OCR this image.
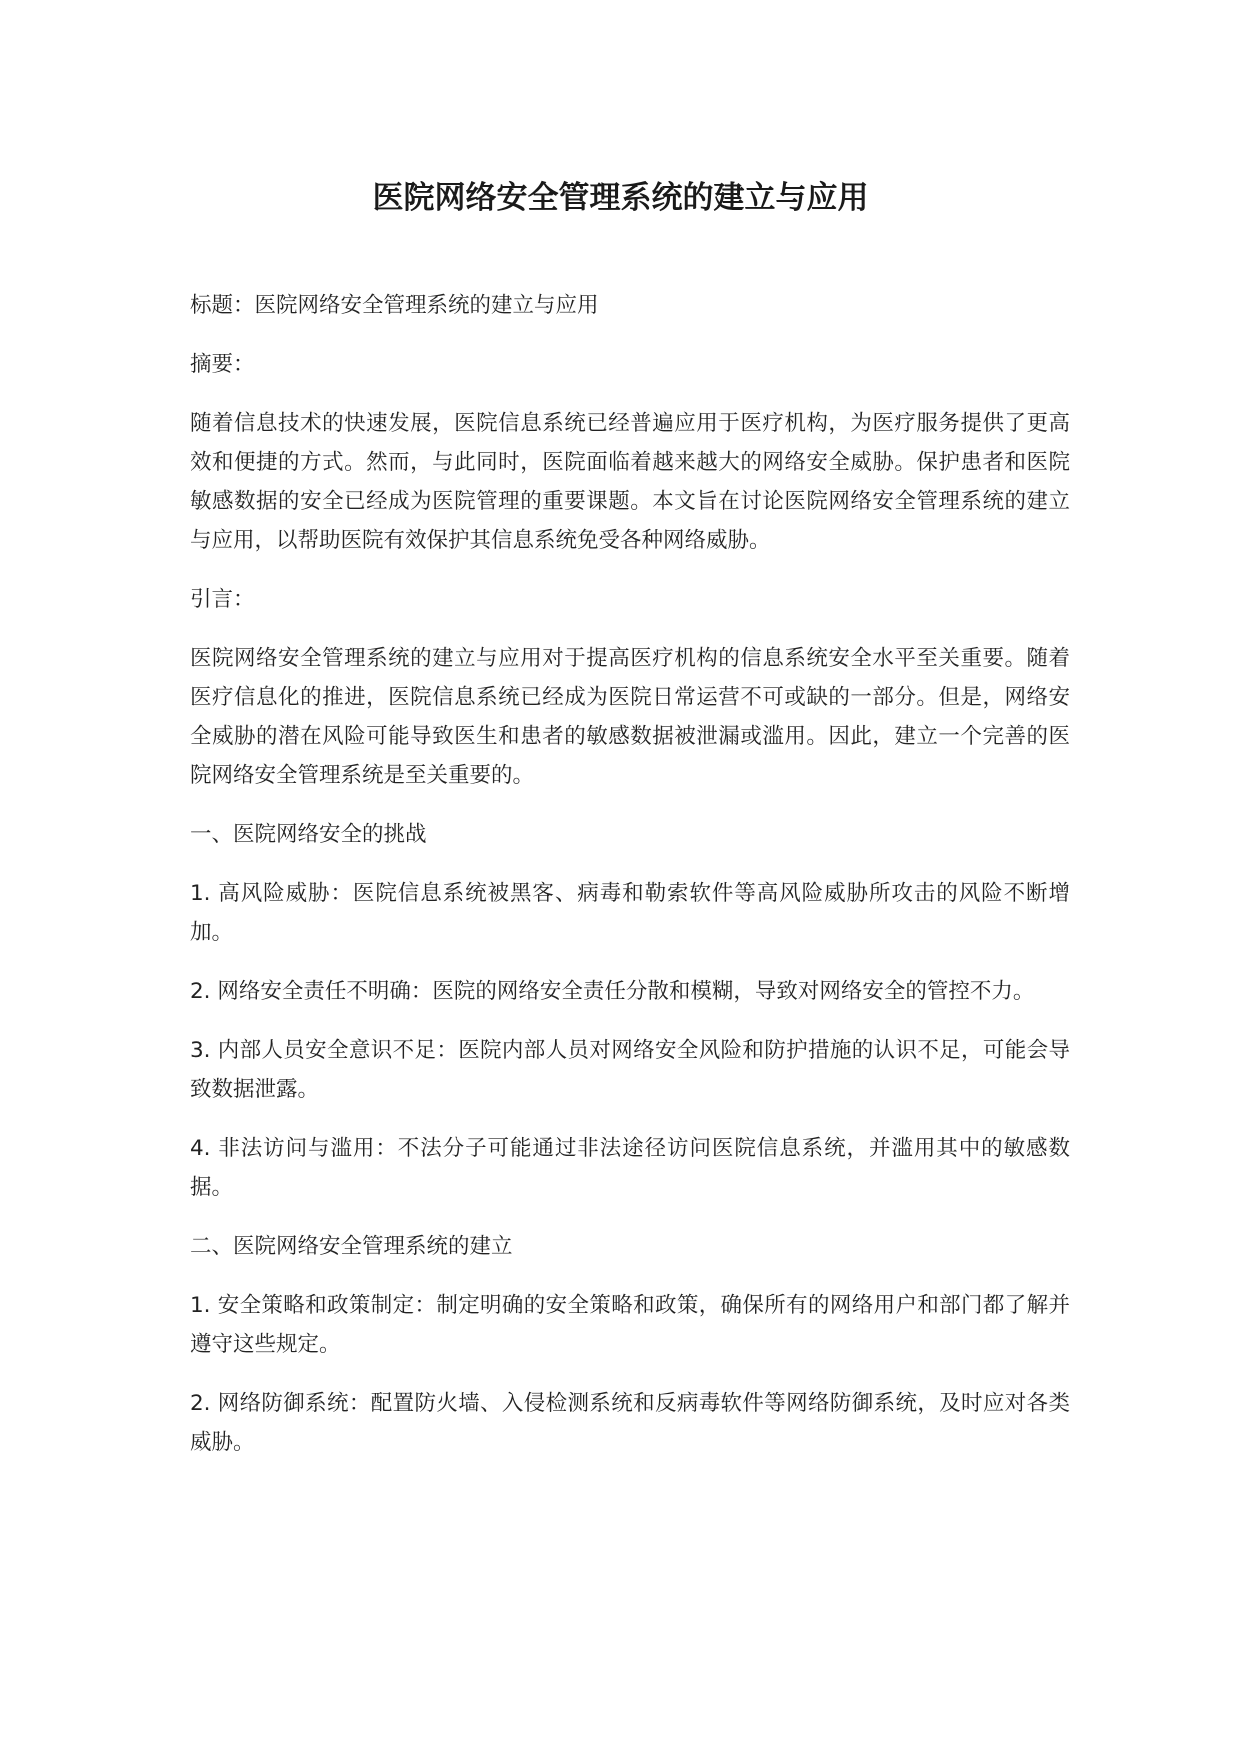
医院网络安全管理系统的建立与应用

标题：医院网络安全管理系统的建立与应用

摘要：

随着信息技术的快速发展，医院信息系统已经普遍应用于医疗机构，为医疗服务提供了更高效和便捷的方式。然而，与此同时，医院面临着越来越大的网络安全威胁。保护患者和医院敏感数据的安全已经成为医院管理的重要课题。本文旨在讨论医院网络安全管理系统的建立与应用，以帮助医院有效保护其信息系统免受各种网络威胁。

引言：

医院网络安全管理系统的建立与应用对于提高医疗机构的信息系统安全水平至关重要。随着医疗信息化的推进，医院信息系统已经成为医院日常运营不可或缺的一部分。但是，网络安全威胁的潜在风险可能导致医生和患者的敏感数据被泄漏或滥用。因此，建立一个完善的医院网络安全管理系统是至关重要的。

一、医院网络安全的挑战

1. 高风险威胁：医院信息系统被黑客、病毒和勒索软件等高风险威胁所攻击的风险不断增加。

2. 网络安全责任不明确：医院的网络安全责任分散和模糊，导致对网络安全的管控不力。

3. 内部人员安全意识不足：医院内部人员对网络安全风险和防护措施的认识不足，可能会导致数据泄露。

4. 非法访问与滥用：不法分子可能通过非法途径访问医院信息系统，并滥用其中的敏感数据。

二、医院网络安全管理系统的建立

1. 安全策略和政策制定：制定明确的安全策略和政策，确保所有的网络用户和部门都了解并遵守这些规定。

2. 网络防御系统：配置防火墙、入侵检测系统和反病毒软件等网络防御系统，及时应对各类威胁。
